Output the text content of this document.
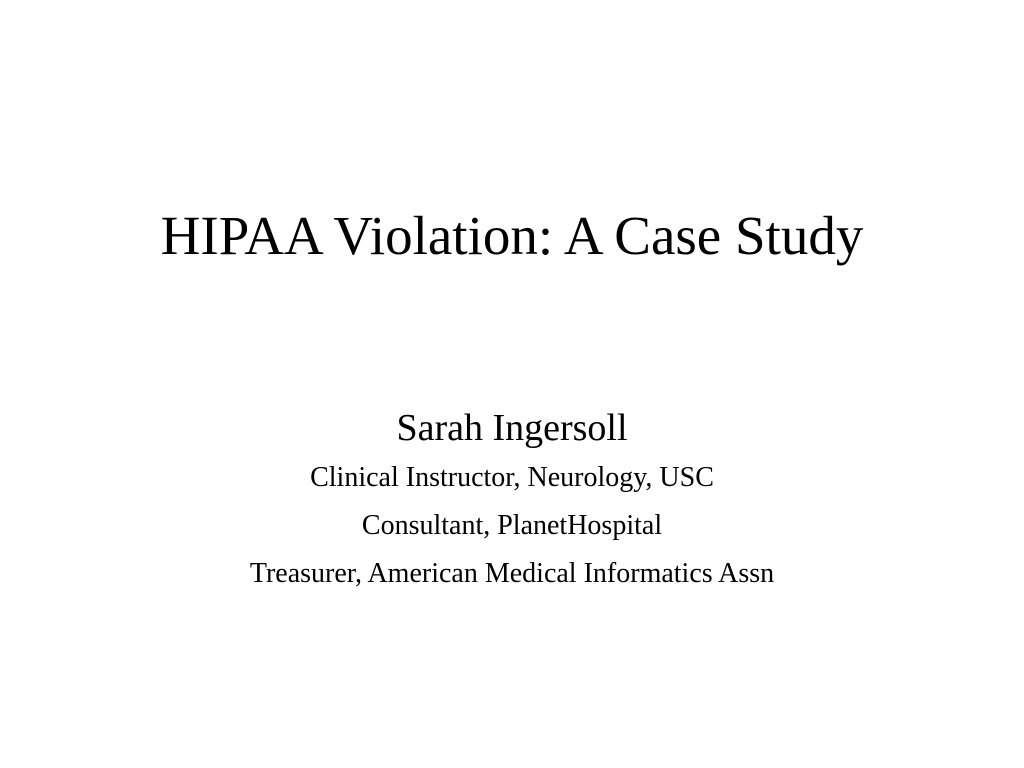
HIPAA Violation: A Case Study
Sarah Ingersoll
Clinical Instructor, Neurology, USC
Consultant, PlanetHospital
Treasurer, American Medical Informatics Assn
